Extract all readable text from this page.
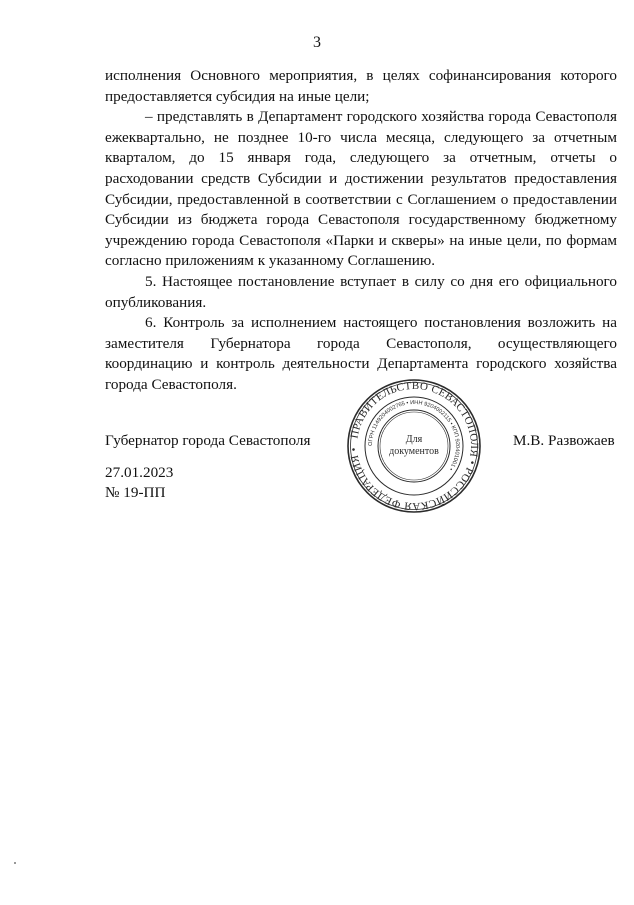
3

исполнения Основного мероприятия, в целях софинансирования которого предоставляется субсидия на иные цели;

– представлять в Департамент городского хозяйства города Севастополя ежеквартально, не позднее 10-го числа месяца, следующего за отчетным кварталом, до 15 января года, следующего за отчетным, отчеты о расходовании средств Субсидии и достижении результатов предоставления Субсидии, предоставленной в соответствии с Соглашением о предоставлении Субсидии из бюджета города Севастополя государственному бюджетному учреждению города Севастополя «Парки и скверы» на иные цели, по формам согласно приложениям к указанному Соглашению.

5. Настоящее постановление вступает в силу со дня его официального опубликования.

6. Контроль за исполнением настоящего постановления возложить на заместителя Губернатора города Севастополя, осуществляющего координацию и контроль деятельности Департамента городского хозяйства города Севастополя.

Губернатор города Севастополя	ПРАВИТЕЛЬСТВО СЕВАСТОПОЛЯ • РОССИЙСКАЯ ФЕДЕРАЦИЯ •
ОГРН 1149204002765 • ИНН 9204002115 • КПП 920401001 •
Для
документов
М.В. Развожаев
27.01.2023
№ 19-ПП
